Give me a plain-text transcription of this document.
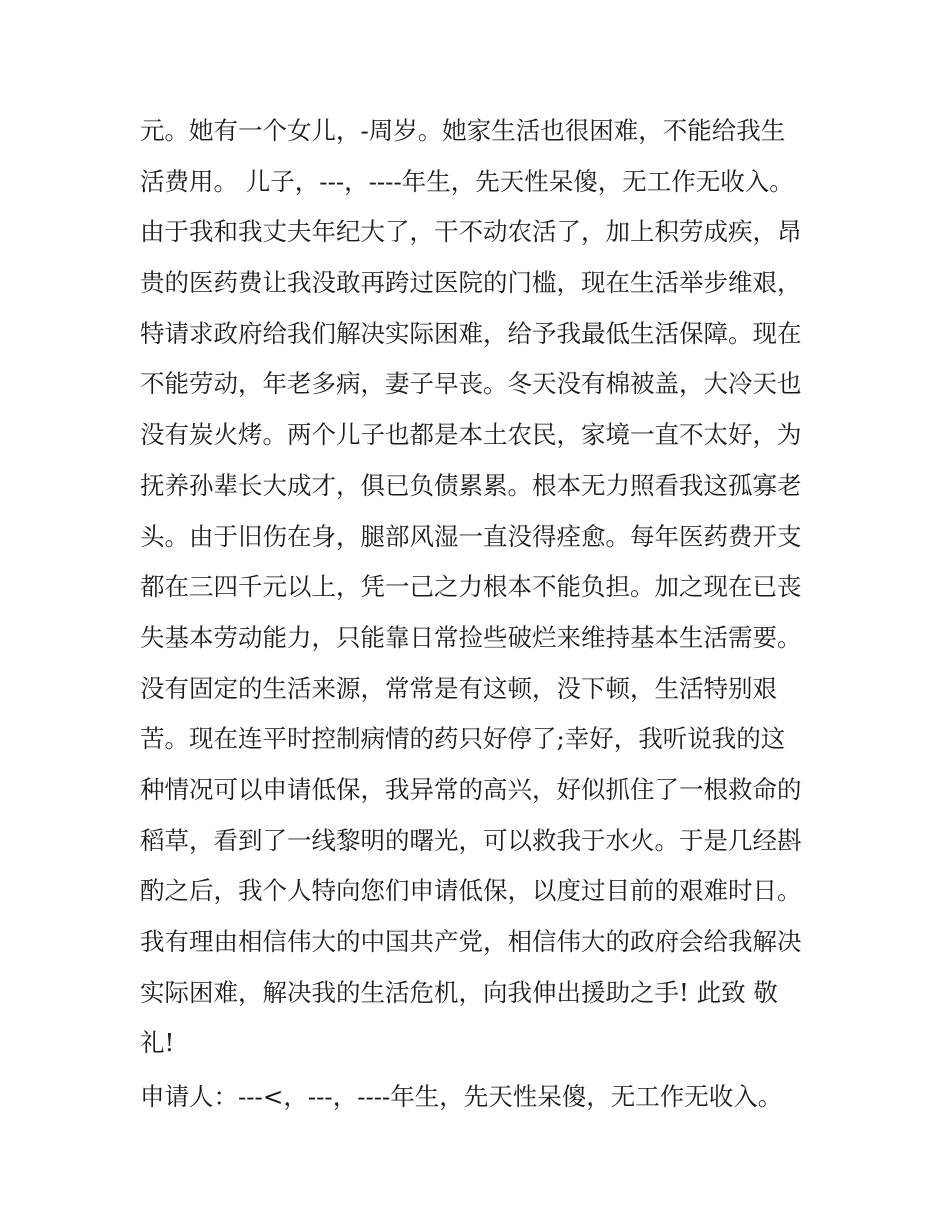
元。她有一个女儿，-周岁。她家生活也很困难，不能给我生
活费用。 儿子，---，----年生，先天性呆傻，无工作无收入。
由于我和我丈夫年纪大了，干不动农活了，加上积劳成疾，昂
贵的医药费让我没敢再跨过医院的门槛，现在生活举步维艰，
特请求政府给我们解决实际困难，给予我最低生活保障。现在
不能劳动，年老多病，妻子早丧。冬天没有棉被盖，大冷天也
没有炭火烤。两个儿子也都是本土农民，家境一直不太好，为
抚养孙辈长大成才，俱已负债累累。根本无力照看我这孤寡老
头。由于旧伤在身，腿部风湿一直没得痊愈。每年医药费开支
都在三四千元以上，凭一己之力根本不能负担。加之现在已丧
失基本劳动能力，只能靠日常捡些破烂来维持基本生活需要。
没有固定的生活来源，常常是有这顿，没下顿，生活特别艰
苦。现在连平时控制病情的药只好停了;幸好，我听说我的这
种情况可以申请低保，我异常的高兴，好似抓住了一根救命的
稻草，看到了一线黎明的曙光，可以救我于水火。于是几经斟
酌之后，我个人特向您们申请低保，以度过目前的艰难时日。
我有理由相信伟大的中国共产党，相信伟大的政府会给我解决
实际困难，解决我的生活危机，向我伸出援助之手! 此致 敬
礼!
申请人：---<，---，----年生，先天性呆傻，无工作无收入。
